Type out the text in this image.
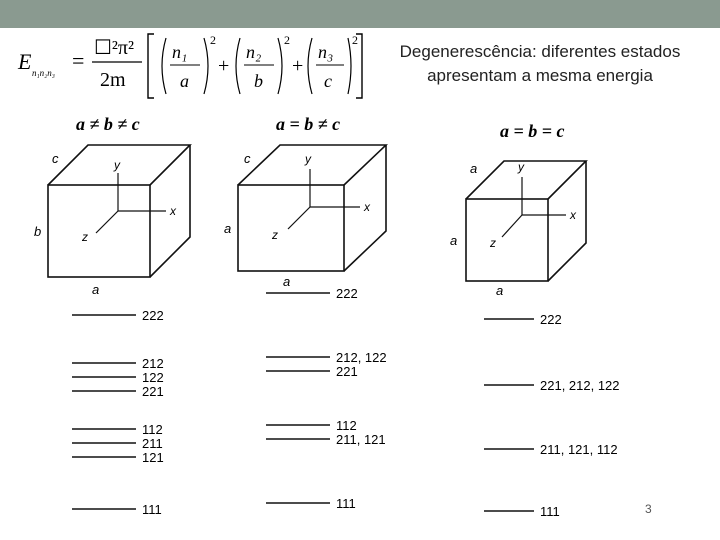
E n₁n₂n₃ = ☐²π²
2m
n₁
a
2
+
n₂
b
2
+
n₃
c
2
Degenerescência: diferentes estados
apresentam a mesma energia
a ≠ b ≠ c
c
b
a
y
x
z
222
212
122
221
112
211
121
111
a = b ≠ c
c
a
a
y
x
z
222
212, 122
221
112
211, 121
111
a = b = c
a
a
a
y
x
z
222
221, 212, 122
211, 121, 112
111	3
